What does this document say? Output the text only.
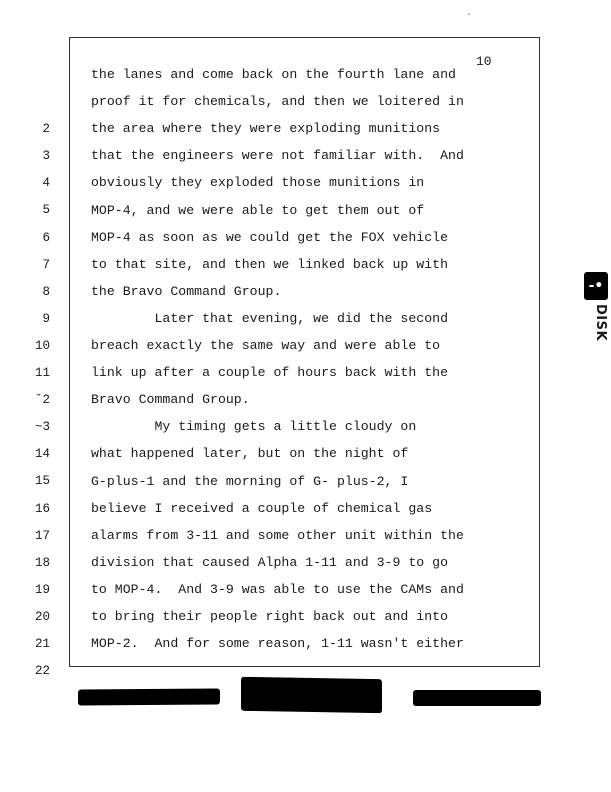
·
10
the lanes and come back on the fourth lane and
2
proof it for chemicals, and then we loitered in
3
the area where they were exploding munitions
4
that the engineers were not familiar with.  And
5
obviously they exploded those munitions in
6
MOP-4, and we were able to get them out of
7
MOP-4 as soon as we could get the FOX vehicle
8
to that site, and then we linked back up with
9
the Bravo Command Group.
10
Later that evening, we did the second
11
breach exactly the same way and were able to
ˇ2
link up after a couple of hours back with the
~⁠3
Bravo Command Group.
14
My timing gets a little cloudy on
15
what happened later, but on the night of
16
G-plus-1 and the morning of G- plus-2, I
17
believe I received a couple of chemical gas
18
alarms from 3-11 and some other unit within the
19
division that caused Alpha 1-11 and 3-9 to go
20
to MOP-4.  And 3-9 was able to use the CAMs and
21
to bring their people right back out and into
22
MOP-2.  And for some reason, 1-11 wasn't either
-•
DISK
